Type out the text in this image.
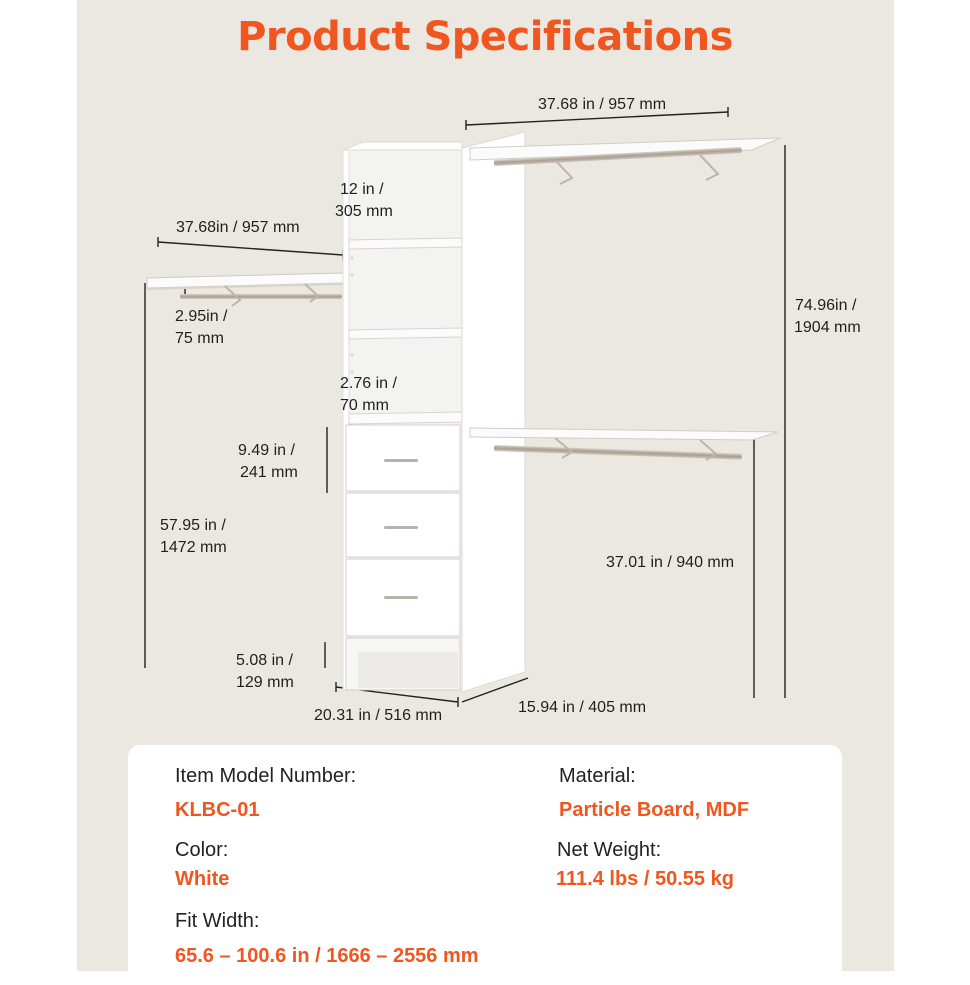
Product Specifications
37.68 in / 957 mm
12 in /
305 mm
37.68in / 957 mm
2.95in /
75 mm
2.76 in /
70 mm
9.49 in /
241 mm
57.95 in /
1472 mm
5.08 in /
129 mm
20.31 in / 516 mm	15.94 in / 405 mm
37.01 in / 940 mm
74.96in /
1904 mm
Item Model Number:
KLBC-01
Material:
Particle Board, MDF
Color:
White
Net Weight:
111.4 lbs / 50.55 kg
Fit Width:
65.6 – 100.6 in / 1666 – 2556 mm
